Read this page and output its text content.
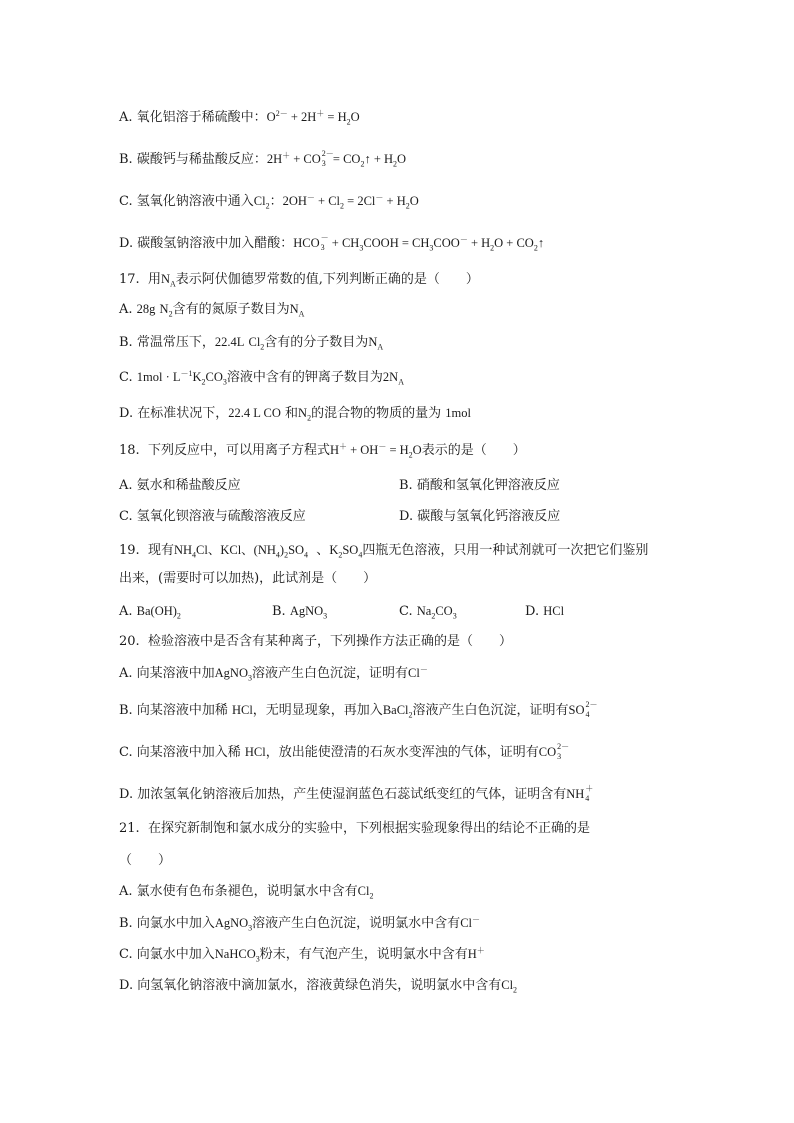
A. 氧化铝溶于稀硫酸中：$O^{2-} + 2H^+ = H_2O$
B. 碳酸钙与稀盐酸反应：2H＋ + CO 2－
$3 = CO_2↑ + H_2O$
C. 氢氧化钠溶液中通入$Cl_2$：$2OH^- + Cl_2 = 2Cl^- + H_2O$
D. 碳酸氢钠溶液中加入醋酸：HCO －
$3 + CH_3COOH = CH_3COO^- + H_2O$ + $CO_2↑$
17.  用$N_A$表示阿伏伽德罗常数的值,下列判断正确的是（　　）
A. 28g $N_2$含有的氮原子数目为$N_A$
B. 常温常压下，22.4L $Cl_2$含有的分子数目为$N_A$
C. $1mol \cdot L^{-1}K_2CO_3$溶液中含有的钾离子数目为$2N_A$
D. 在标准状况下，22.4 L CO 和$N_2$的混合物的物质的量为 1mol
18.  下列反应中，可以用离子方程式$H^+ + OH^- = H_2O$表示的是（　　）
A. 氨水和稀盐酸反应	B. 硝酸和氢氧化钾溶液反应
C. 氢氧化钡溶液与硫酸溶液反应	D. 碳酸与氢氧化钙溶液反应
19.  现有$NH_4Cl$、KCl、$(NH_4)_2SO_4$  、$K_2SO_4$四瓶无色溶液，只用一种试剂就可一次把它们鉴别
出来，(需要时可以加热)，此试剂是（　　）
A. $Ba(OH)_2$	B. AgNO$_3$	C. $Na_2CO_3$	D. HCl
20.  检验溶液中是否含有某种离子，下列操作方法正确的是（　　）
A. 向某溶液中加AgNO$_3$溶液产生白色沉淀，证明有Cl－
B. 向某溶液中加稀 HCl，无明显现象，再加入BaCl$_2$溶液产生白色沉淀，证明有SO 2－
4
C. 向某溶液中加入稀 HCl，放出能使澄清的石灰水变浑浊的气体，证明有CO 2－
3
D. 加浓氢氧化钠溶液后加热，产生使湿润蓝色石蕊试纸变红的气体，证明含有NH ＋
4
21.  在探究新制饱和氯水成分的实验中，下列根据实验现象得出的结论不正确的是
（　　）
A. 氯水使有色布条褪色，说明氯水中含有$Cl_2$
B. 向氯水中加入AgNO$_3$溶液产生白色沉淀，说明氯水中含有Cl－
C. 向氯水中加入NaHCO$_3$粉末，有气泡产生，说明氯水中含有H＋
D. 向氢氧化钠溶液中滴加氯水，溶液黄绿色消失，说明氯水中含有$Cl_2$
